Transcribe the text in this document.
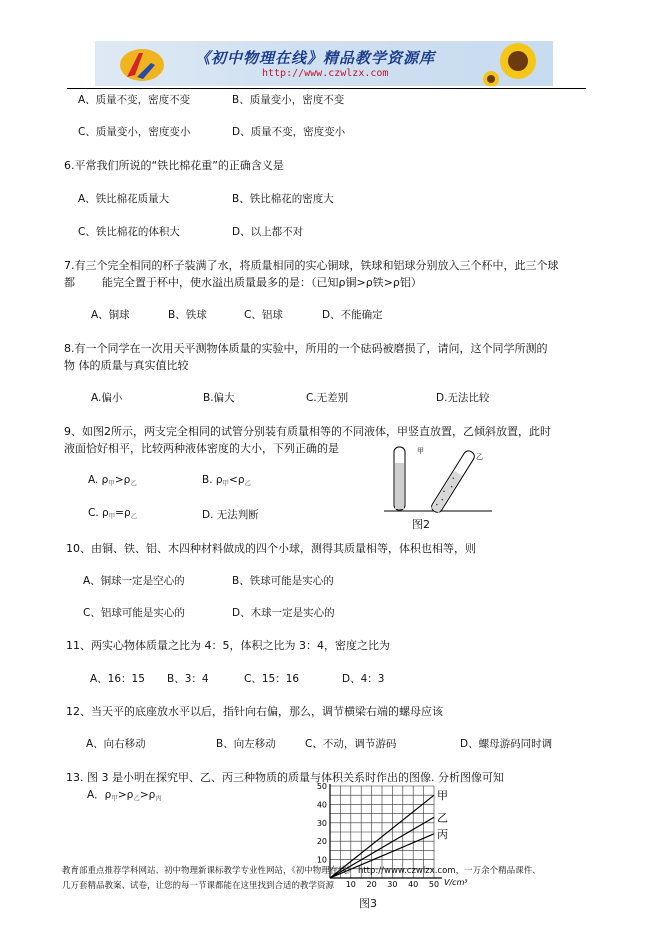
《初中物理在线》精品教学资源库
http://www.czwlzx.com
A、质量不变，密度不变	B、质量变小，密度不变
C、质量变小，密度变小	D、质量不变，密度变小
6.平常我们所说的“铁比棉花重”的正确含义是
A、铁比棉花质量大	B、铁比棉花的密度大
C、铁比棉花的体积大	D、以上都不对
7.有三个完全相同的杯子装满了水，将质量相同的实心铜球，铁球和铝球分别放入三个杯中，此三个球
都 能完全置于杯中，使水溢出质量最多的是：（已知ρ铜>ρ铁>ρ铝）
A、铜球	B、铁球	C、铝球	D、不能确定
8.有一个同学在一次用天平测物体质量的实验中，所用的一个砝码被磨损了，请问，这个同学所测的
物 体的质量与真实值比较
A.偏小	B.偏大	C.无差别	D.无法比较
9、如图2所示，两支完全相同的试管分别装有质量相等的不同液体，甲竖直放置，乙倾斜放置，此时
液面恰好相平，比较两种液体密度的大小，下列正确的是
A. $\rho_甲>\rho_乙$	B. $\rho_甲<\rho_乙$
C. $\rho_甲=\rho_乙$	D. 无法判断
甲
乙
图2
10、由铜、铁、铝、木四种材料做成的四个小球，测得其质量相等，体积也相等，则
A、铜球一定是空心的	B、铁球可能是实心的
C、铝球可能是实心的	D、木球一定是实心的
11、两实心物体质量之比为 4：5，体积之比为 3：4，密度之比为
A、16：15 B、3：4	C、15：16	D、4：3
12、当天平的底座放水平以后，指针向右偏，那么，调节横梁右端的螺母应该
A、向右移动	B、向左移动	C、不动，调节游码	D、螺母游码同时调
13. 图 3 是小明在探究甲、乙、丙三种物质的质量与体积关系时作出的图像. 分析图像可知
A．$\rho_甲>\rho_乙>\rho_丙$
10
20
30
40
50
10 20 30 40 50 V/cm³
甲
乙
丙
教育部重点推荐学科网站、初中物理新课标教学专业性网站，《初中物理在线》 http://www.czwlzx.com，一万余个精品课件、
几万套精品教案、试卷，让您的每一节课都能在这里找到合适的教学资源
图3
